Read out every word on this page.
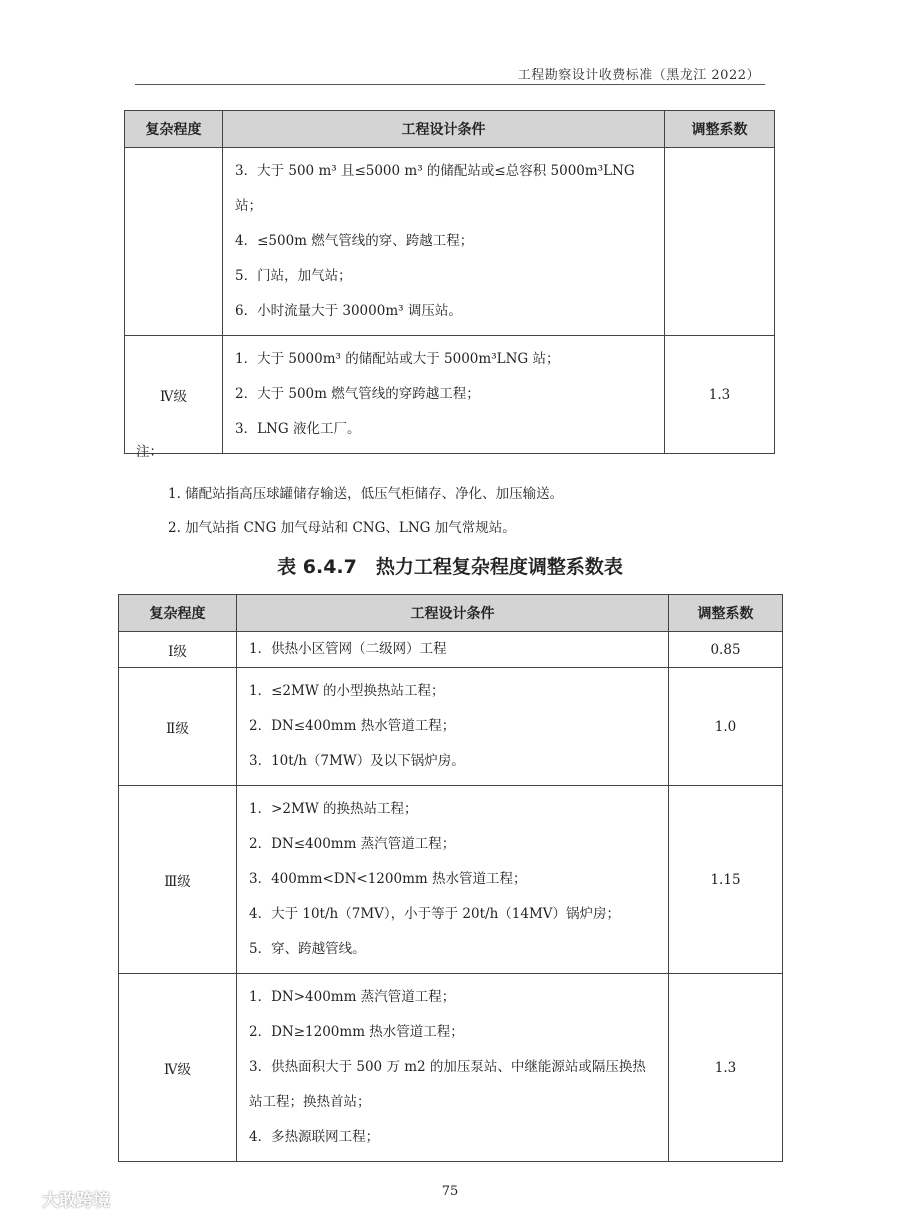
工程勘察设计收费标准（黑龙江 2022）
复杂程度	工程设计条件	调整系数

	3．大于 500 m³ 且≤5000 m³ 的储配站或≤总容积 5000m³LNG 站；
4．≤500m 燃气管线的穿、跨越工程；
5．门站，加气站；
6．小时流量大于 30000m³ 调压站。	

Ⅳ级	1．大于 5000m³ 的储配站或大于 5000m³LNG 站；
2．大于 500m 燃气管线的穿跨越工程；
3．LNG 液化工厂。	1.3
注：
1. 储配站指高压球罐储存输送，低压气柜储存、净化、加压输送。
2. 加气站指 CNG 加气母站和 CNG、LNG 加气常规站。
表 6.4.7　热力工程复杂程度调整系数表
复杂程度	工程设计条件	调整系数
Ⅰ级	1．供热小区管网（二级网）工程	0.85
Ⅱ级	1．≤2MW 的小型换热站工程；
2．DN≤400mm 热水管道工程；
3．10t/h（7MW）及以下锅炉房。	1.0
Ⅲ级	1．>2MW 的换热站工程；
2．DN≤400mm 蒸汽管道工程；
3．400mm<DN<1200mm 热水管道工程；
4．大于 10t/h（7MV），小于等于 20t/h（14MV）锅炉房；
5．穿、跨越管线。	1.15
Ⅳ级	1．DN>400mm 蒸汽管道工程；
2．DN≥1200mm 热水管道工程；
3．供热面积大于 500 万 m2 的加压泵站、中继能源站或隔压换热站工程；换热首站；
4．多热源联网工程；	1.3
75
大敢跨境
